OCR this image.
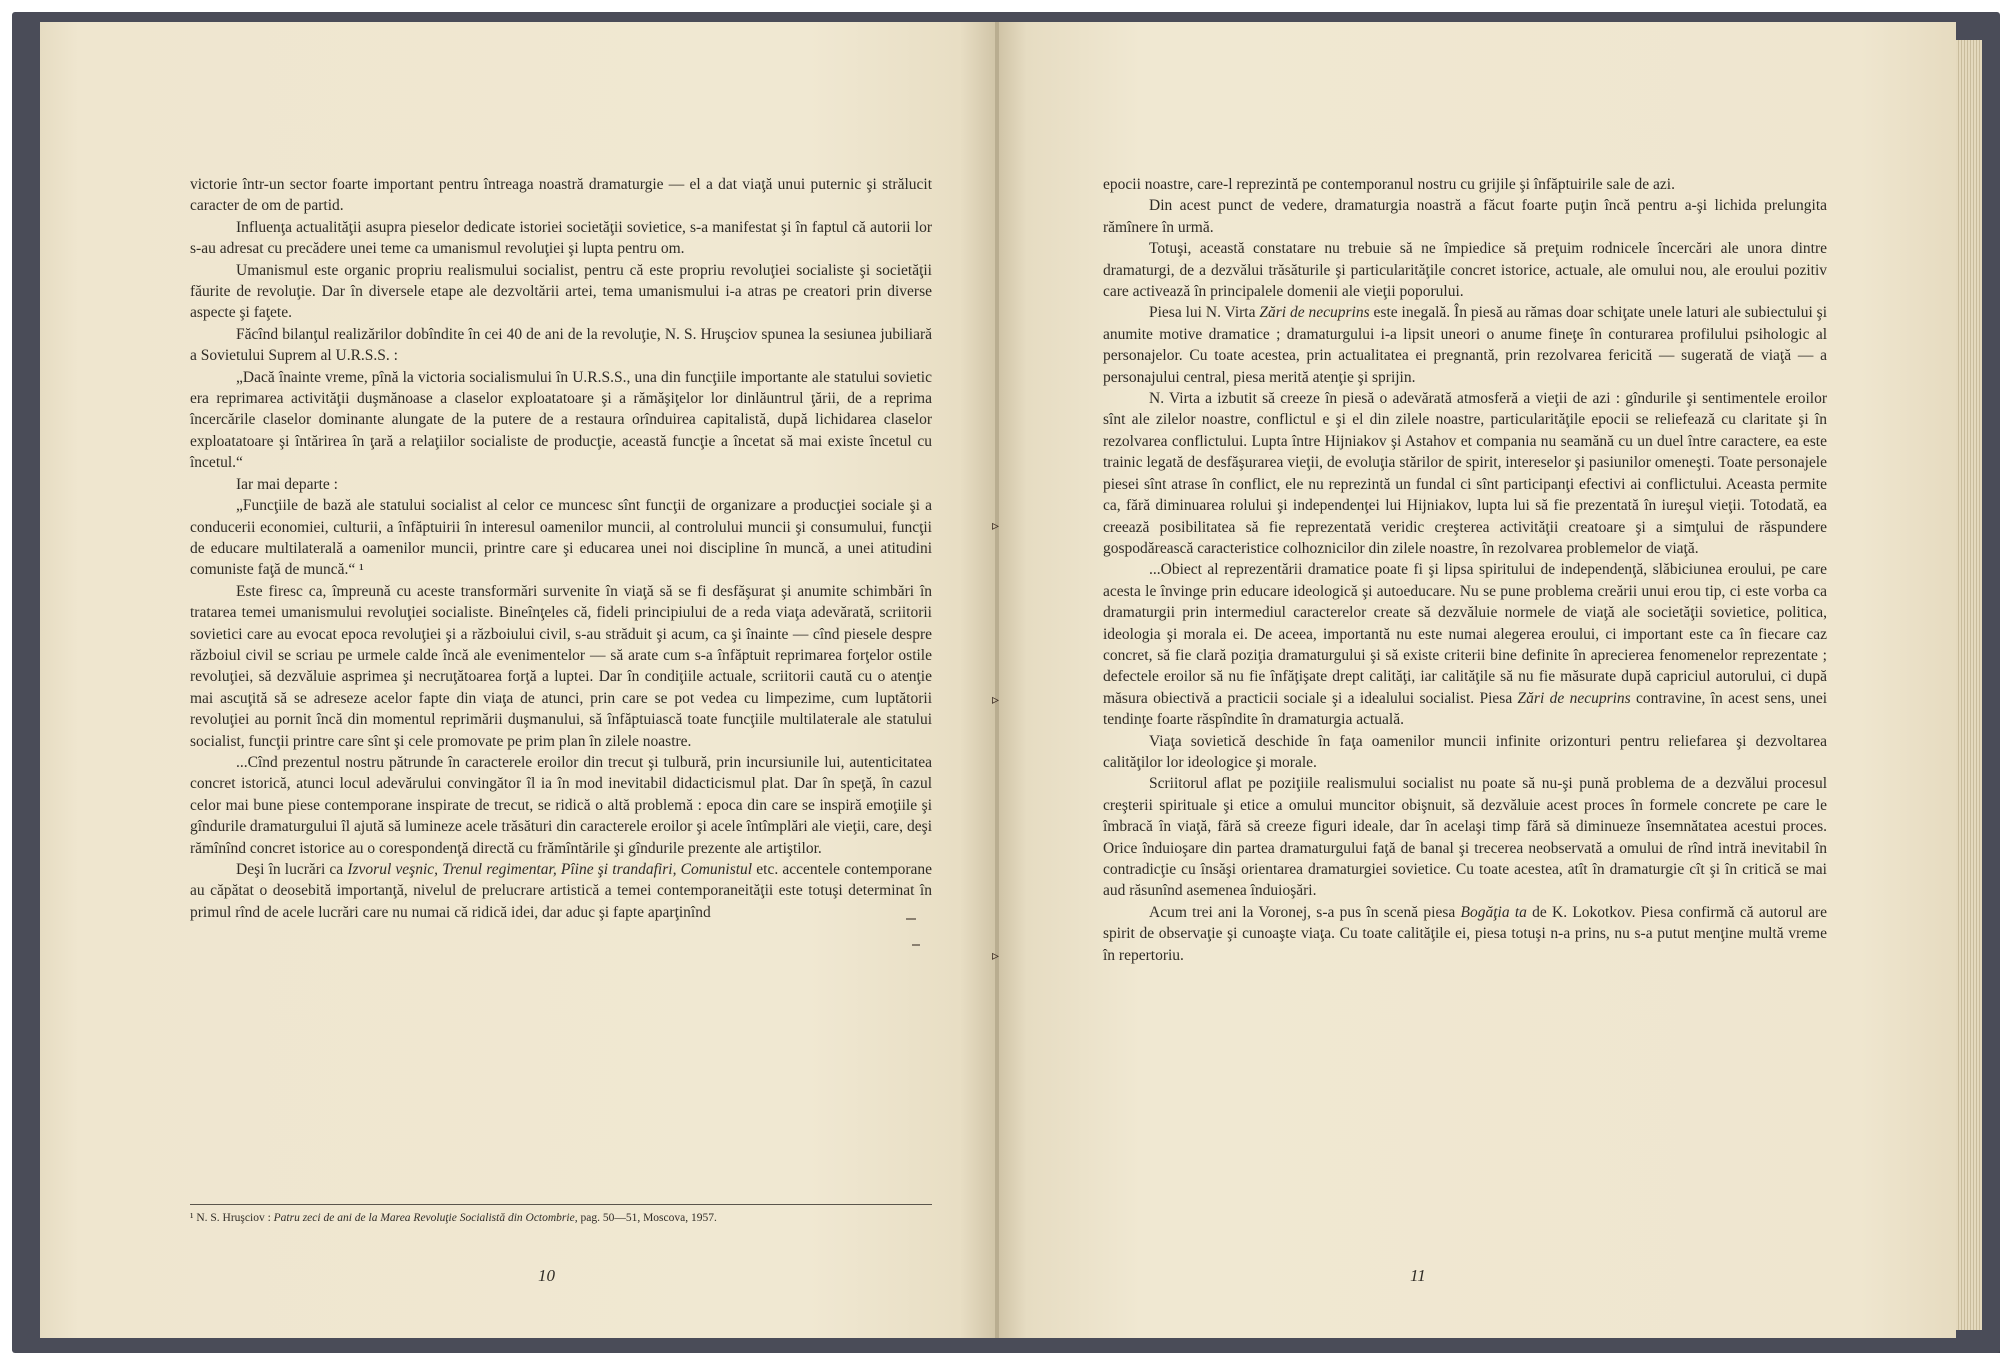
victorie într-un sector foarte important pentru întreaga noastră dramaturgie — el a dat viaţă unui puternic şi strălucit caracter de om de partid.

Influenţa actualităţii asupra pieselor dedicate istoriei societăţii sovietice, s-a manifestat şi în faptul că autorii lor s-au adresat cu precădere unei teme ca umanismul revoluţiei şi lupta pentru om.

Umanismul este organic propriu realismului socialist, pentru că este propriu revoluţiei socialiste şi societăţii făurite de revoluţie. Dar în diversele etape ale dezvoltării artei, tema umanismului i-a atras pe creatori prin diverse aspecte şi faţete.

Făcînd bilanţul realizărilor dobîndite în cei 40 de ani de la revoluţie, N. S. Hruşciov spunea la sesiunea jubiliară a Sovietului Suprem al U.R.S.S. :

„Dacă înainte vreme, pînă la victoria socialismului în U.R.S.S., una din funcţiile importante ale statului sovietic era reprimarea activităţii duşmănoase a claselor exploatatoare şi a rămăşiţelor lor dinlăuntrul ţării, de a reprima încercările claselor dominante alungate de la putere de a restaura orînduirea capitalistă, după lichidarea claselor exploatatoare şi întărirea în ţară a relaţiilor socialiste de producţie, această funcţie a încetat să mai existe încetul cu încetul.“

Iar mai departe :

„Funcţiile de bază ale statului socialist al celor ce muncesc sînt funcţii de organizare a producţiei sociale şi a conducerii economiei, culturii, a înfăptuirii în interesul oamenilor muncii, al controlului muncii şi consumului, funcţii de educare multilaterală a oamenilor muncii, printre care şi educarea unei noi discipline în muncă, a unei atitudini comuniste faţă de muncă.“ ¹

Este firesc ca, împreună cu aceste transformări survenite în viaţă să se fi desfăşurat şi anumite schimbări în tratarea temei umanismului revoluţiei socialiste. Bineînţeles că, fideli principiului de a reda viaţa adevărată, scriitorii sovietici care au evocat epoca revoluţiei şi a războiului civil, s-au străduit şi acum, ca şi înainte — cînd piesele despre războiul civil se scriau pe urmele calde încă ale evenimentelor — să arate cum s-a înfăptuit reprimarea forţelor ostile revoluţiei, să dezvăluie asprimea şi necruţătoarea forţă a luptei. Dar în condiţiile actuale, scriitorii caută cu o atenţie mai ascuţită să se adreseze acelor fapte din viaţa de atunci, prin care se pot vedea cu limpezime, cum luptătorii revoluţiei au pornit încă din momentul reprimării duşmanului, să înfăptuiască toate funcţiile multilaterale ale statului socialist, funcţii printre care sînt şi cele promovate pe prim plan în zilele noastre.

...Cînd prezentul nostru pătrunde în caracterele eroilor din trecut şi tulbură, prin incursiunile lui, autenticitatea concret istorică, atunci locul adevărului convingător îl ia în mod inevitabil didacticismul plat. Dar în speţă, în cazul celor mai bune piese contemporane inspirate de trecut, se ridică o altă problemă : epoca din care se inspiră emoţiile şi gîndurile dramaturgului îl ajută să lumineze acele trăsături din caracterele eroilor şi acele întîmplări ale vieţii, care, deşi rămînînd concret istorice au o corespondenţă directă cu frămîntările şi gîndurile prezente ale artiştilor.

Deşi în lucrări ca Izvorul veşnic, Trenul regimentar, Pîine şi trandafiri, Comunistul etc. accentele contemporane au căpătat o deosebită importanţă, nivelul de prelucrare artistică a temei contemporaneităţii este totuşi determinat în primul rînd de acele lucrări care nu numai că ridică idei, dar aduc şi fapte aparţinînd

¹ N. S. Hruşciov : Patru zeci de ani de la Marea Revoluţie Socialistă din Octombrie, pag. 50—51, Moscova, 1957.
10

epocii noastre, care-l reprezintă pe contemporanul nostru cu grijile şi înfăptuirile sale de azi.

Din acest punct de vedere, dramaturgia noastră a făcut foarte puţin încă pentru a-şi lichida prelungita rămînere în urmă.

Totuşi, această constatare nu trebuie să ne împiedice să preţuim rodnicele încercări ale unora dintre dramaturgi, de a dezvălui trăsăturile şi particularităţile concret istorice, actuale, ale omului nou, ale eroului pozitiv care activează în principalele domenii ale vieţii poporului.

Piesa lui N. Virta Zări de necuprins este inegală. În piesă au rămas doar schiţate unele laturi ale subiectului şi anumite motive dramatice ; dramaturgului i-a lipsit uneori o anume fineţe în conturarea profilului psihologic al personajelor. Cu toate acestea, prin actualitatea ei pregnantă, prin rezolvarea fericită — sugerată de viaţă — a personajului central, piesa merită atenţie şi sprijin.

N. Virta a izbutit să creeze în piesă o adevărată atmosferă a vieţii de azi : gîndurile şi sentimentele eroilor sînt ale zilelor noastre, conflictul e şi el din zilele noastre, particularităţile epocii se reliefează cu claritate şi în rezolvarea conflictului. Lupta între Hijniakov şi Astahov et compania nu seamănă cu un duel între caractere, ea este trainic legată de desfăşurarea vieţii, de evoluţia stărilor de spirit, intereselor şi pasiunilor omeneşti. Toate personajele piesei sînt atrase în conflict, ele nu reprezintă un fundal ci sînt participanţi efectivi ai conflictului. Aceasta permite ca, fără diminuarea rolului şi independenţei lui Hijniakov, lupta lui să fie prezentată în iureşul vieţii. Totodată, ea creează posibilitatea să fie reprezentată veridic creşterea activităţii creatoare şi a simţului de răspundere gospodărească caracteristice colhoznicilor din zilele noastre, în rezolvarea problemelor de viaţă.

...Obiect al reprezentării dramatice poate fi şi lipsa spiritului de independenţă, slăbiciunea eroului, pe care acesta le învinge prin educare ideologică şi autoeducare. Nu se pune problema creării unui erou tip, ci este vorba ca dramaturgii prin intermediul caracterelor create să dezvăluie normele de viaţă ale societăţii sovietice, politica, ideologia şi morala ei. De aceea, importantă nu este numai alegerea eroului, ci important este ca în fiecare caz concret, să fie clară poziţia dramaturgului şi să existe criterii bine definite în aprecierea fenomenelor reprezentate ; defectele eroilor să nu fie înfăţişate drept calităţi, iar calităţile să nu fie măsurate după capriciul autorului, ci după măsura obiectivă a practicii sociale şi a idealului socialist. Piesa Zări de necuprins contravine, în acest sens, unei tendinţe foarte răspîndite în dramaturgia actuală.

Viaţa sovietică deschide în faţa oamenilor muncii infinite orizonturi pentru reliefarea şi dezvoltarea calităţilor lor ideologice şi morale.

Scriitorul aflat pe poziţiile realismului socialist nu poate să nu-şi pună problema de a dezvălui procesul creşterii spirituale şi etice a omului muncitor obişnuit, să dezvăluie acest proces în formele concrete pe care le îmbracă în viaţă, fără să creeze figuri ideale, dar în acelaşi timp fără să diminueze însemnătatea acestui proces. Orice înduioşare din partea dramaturgului faţă de banal şi trecerea neobservată a omului de rînd intră inevitabil în contradicţie cu însăşi orientarea dramaturgiei sovietice. Cu toate acestea, atît în dramaturgie cît şi în critică se mai aud răsunînd asemenea înduioşări.

Acum trei ani la Voronej, s-a pus în scenă piesa Bogăţia ta de K. Lokotkov. Piesa confirmă că autorul are spirit de observaţie şi cunoaşte viaţa. Cu toate calităţile ei, piesa totuşi n-a prins, nu s-a putut menţine multă vreme în repertoriu.

11
▹
▹
▹
